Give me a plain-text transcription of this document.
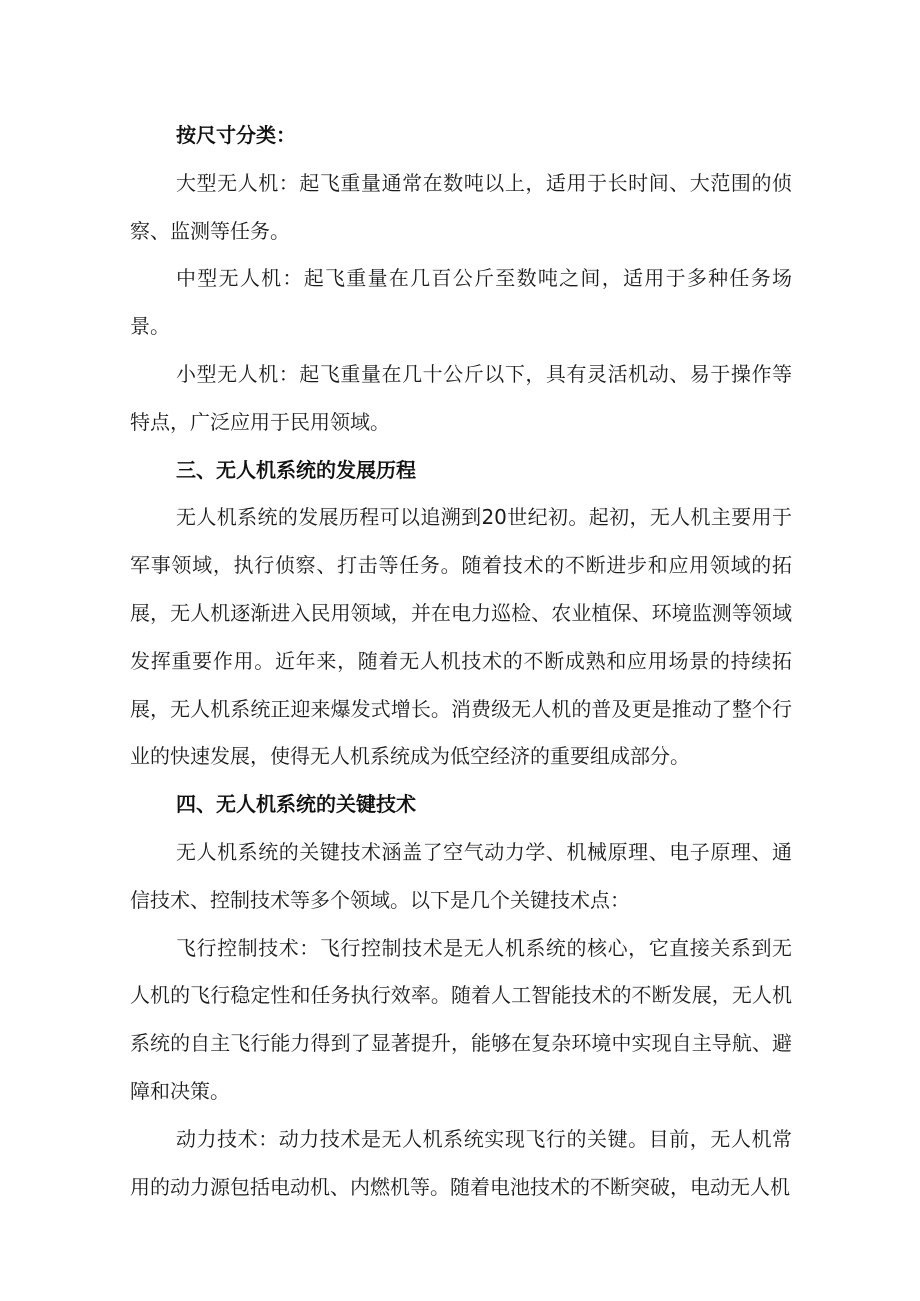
按尺寸分类：

大型无人机：起飞重量通常在数吨以上，适用于长时间、大范围的侦察、监测等任务。

中型无人机：起飞重量在几百公斤至数吨之间，适用于多种任务场景。

小型无人机：起飞重量在几十公斤以下，具有灵活机动、易于操作等特点，广泛应用于民用领域。

三、无人机系统的发展历程

无人机系统的发展历程可以追溯到20世纪初。起初，无人机主要用于军事领域，执行侦察、打击等任务。随着技术的不断进步和应用领域的拓展，无人机逐渐进入民用领域，并在电力巡检、农业植保、环境监测等领域发挥重要作用。近年来，随着无人机技术的不断成熟和应用场景的持续拓展，无人机系统正迎来爆发式增长。消费级无人机的普及更是推动了整个行业的快速发展，使得无人机系统成为低空经济的重要组成部分。

四、无人机系统的关键技术

无人机系统的关键技术涵盖了空气动力学、机械原理、电子原理、通信技术、控制技术等多个领域。以下是几个关键技术点：

飞行控制技术：飞行控制技术是无人机系统的核心，它直接关系到无人机的飞行稳定性和任务执行效率。随着人工智能技术的不断发展，无人机系统的自主飞行能力得到了显著提升，能够在复杂环境中实现自主导航、避障和决策。

动力技术：动力技术是无人机系统实现飞行的关键。目前，无人机常用的动力源包括电动机、内燃机等。随着电池技术的不断突破，电动无人机
